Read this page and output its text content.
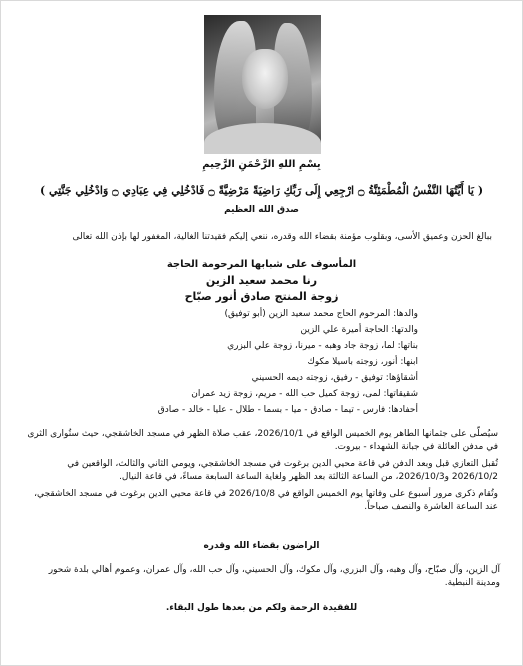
بِسْمِ اللهِ الرَّحْمَنِ الرَّحِيمِ
( يَا أَيَّتُهَا النَّفْسُ الْمُطْمَئِنَّةُ ۝ ارْجِعِي إِلَى رَبِّكِ رَاضِيَةً مَرْضِيَّةً ۝ فَادْخُلِي فِي عِبَادِي ۝ وَادْخُلِي جَنَّتِي )
صدق الله العظيم
ببالغ الحزن وعميق الأسى، وبقلوب مؤمنة بقضاء الله وقدره، ننعي إليكم فقيدتنا الغالية، المغفور لها بإذن الله تعالى
المأسوف على شبابها المرحومة الحاجة
رنا محمد سعيد الزين
زوجة المنتج صادق أنور صبّاح
والدها: المرحوم الحاج محمد سعيد الزين (أبو توفيق)
والدتها: الحاجة أميرة علي الزين
بناتها: لما، زوجة جاد وهبه - ميرنا، زوجة علي البزري
ابنها: أنور، زوجته باسيلا مكوك
أشقاؤها: توفيق - رفيق، زوجته ديمه الحسيني
شقيقاتها: لمى، زوجة كميل حب الله - مريم، زوجة زيد عمران
أحفادها: فارس - تيما - صادق - ميا - بسما - طلال - عليا - خالد - صادق
سيُصلّى على جثمانها الطاهر يوم الخميس الواقع في 2026/10/1، عقب صلاة الظهر في مسجد الخاشقجي، حيث ستُوارى الثرى في مدفن العائلة في جبانة الشهداء - بيروت.
تُقبل التعازي قبل وبعد الدفن في قاعة محيي الدين برغوت في مسجد الخاشقجي، ويومي الثاني والثالث، الواقعين في 2026/10/2 و2026/10/3، من الساعة الثالثة بعد الظهر ولغاية الساعة السابعة مساءً، في قاعة النيال.
وتُقام ذكرى مرور أسبوع على وفاتها يوم الخميس الواقع في 2026/10/8 في قاعة محيي الدين برغوت في مسجد الخاشقجي، عند الساعة العاشرة والنصف صباحاً.
الراضون بقضاء الله وقدره
آل الزين، وآل صبّاح، وآل وهبه، وآل البزري، وآل مكوك، وآل الحسيني، وآل حب الله، وآل عمران، وعموم أهالي بلدة شحور ومدينة النبطية.
للفقيدة الرحمة ولكم من بعدها طول البقاء.
